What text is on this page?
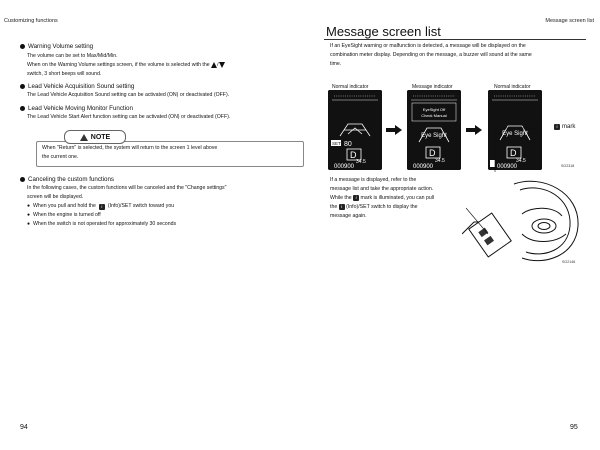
Customizing functions	Message screen list
Warning Volume setting
The volume can be set to Max/Mid/Min.
When on the Warning Volume settings screen, if the volume is selected with the /
switch, 3 short beeps will sound.
Lead Vehicle Acquisition Sound setting
The Lead Vehicle Acquisition Sound setting can be activated (ON) or deactivated (OFF).
Lead Vehicle Moving Monitor Function
The Lead Vehicle Start Alert function setting can be activated (ON) or deactivated (OFF).
NOTE
When "Return" is selected, the system will return to the screen 1 level above
the current one.
Canceling the custom functions
In the following cases, the custom functions will be canceled and the "Change settings"
screen will be displayed.
● When you pull and hold the	i	(Info)/SET switch toward you
● When the engine is turned off
● When the switch is not operated for approximately 30 seconds
94
Message screen list
If an EyeSight warning or malfunction is detected, a message will be displayed on the
combination meter display. Depending on the message, a buzzer will sound at the same
time.
Normal indicator	Message indicator	Normal indicator
SET 80
D
34.5
000900
EyeSight Off
Check Manual
Eye Sight
D
34.5
000900
Eye Sight
D
34.5
000900
i mark
SG2318
If a message is displayed, refer to the
message list and take the appropriate action.
While the i mark is illuminated, you can pull
the i (Info)/SET switch to display the
message again.
SG2146
95
